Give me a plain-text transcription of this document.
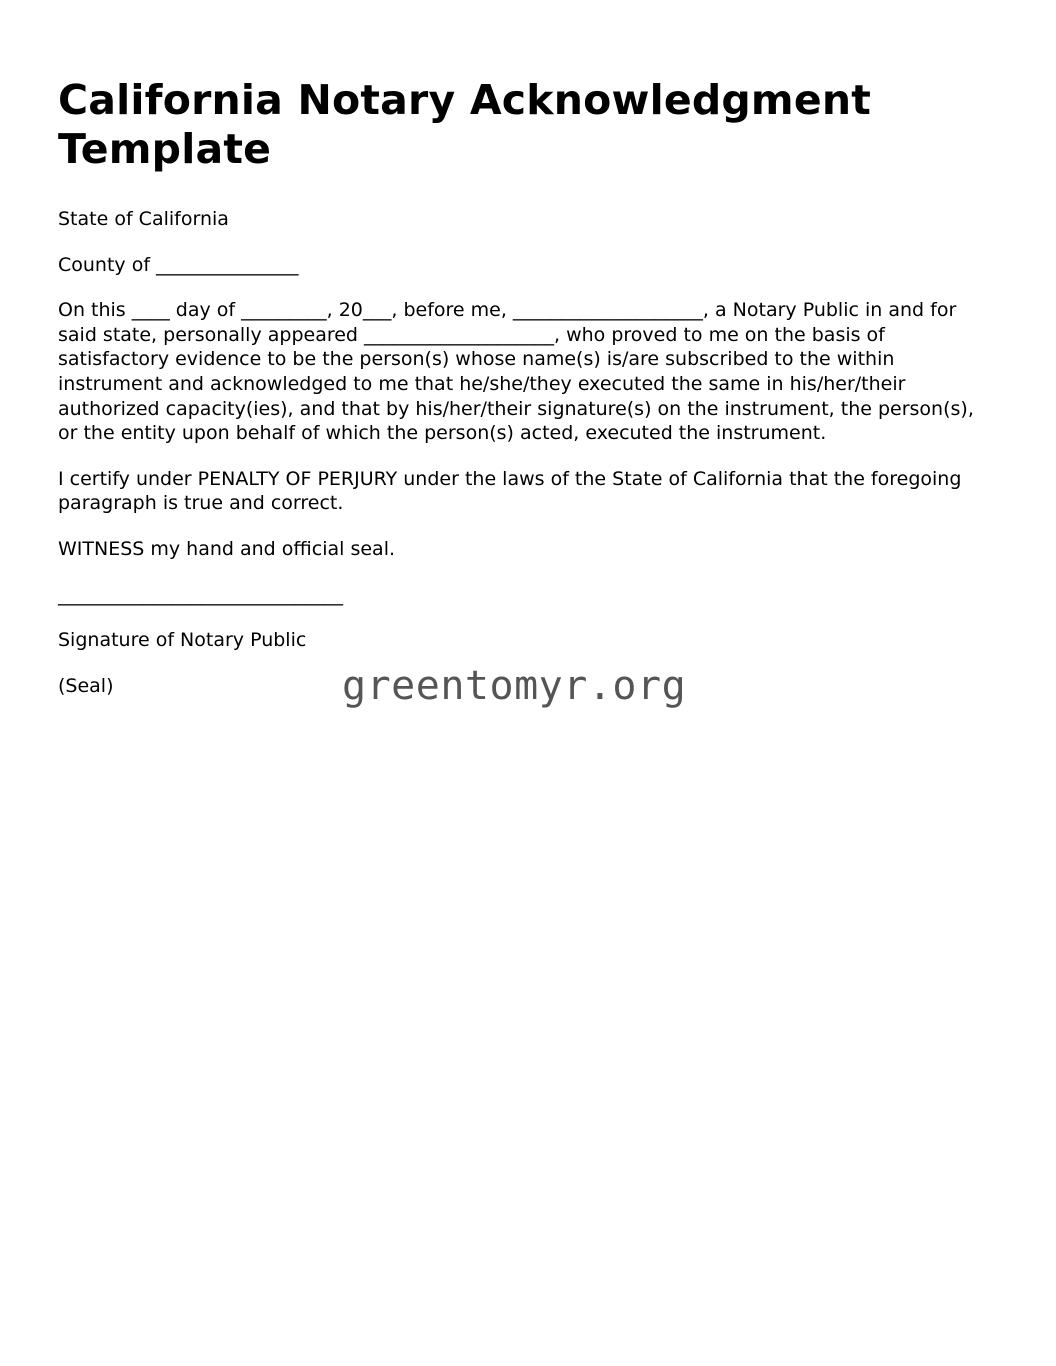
California Notary Acknowledgment Template

State of California

County of _______________

On this ____ day of _________, 20___, before me, ____________________, a Notary Public in and for said state, personally appeared ____________________, who proved to me on the basis of satisfactory evidence to be the person(s) whose name(s) is/are subscribed to the within instrument and acknowledged to me that he/she/they executed the same in his/her/their authorized capacity(ies), and that by his/her/their signature(s) on the instrument, the person(s), or the entity upon behalf of which the person(s) acted, executed the instrument.

I certify under PENALTY OF PERJURY under the laws of the State of California that the foregoing paragraph is true and correct.

WITNESS my hand and official seal.

______________________________

Signature of Notary Public

(Seal)	greentomyr.org
